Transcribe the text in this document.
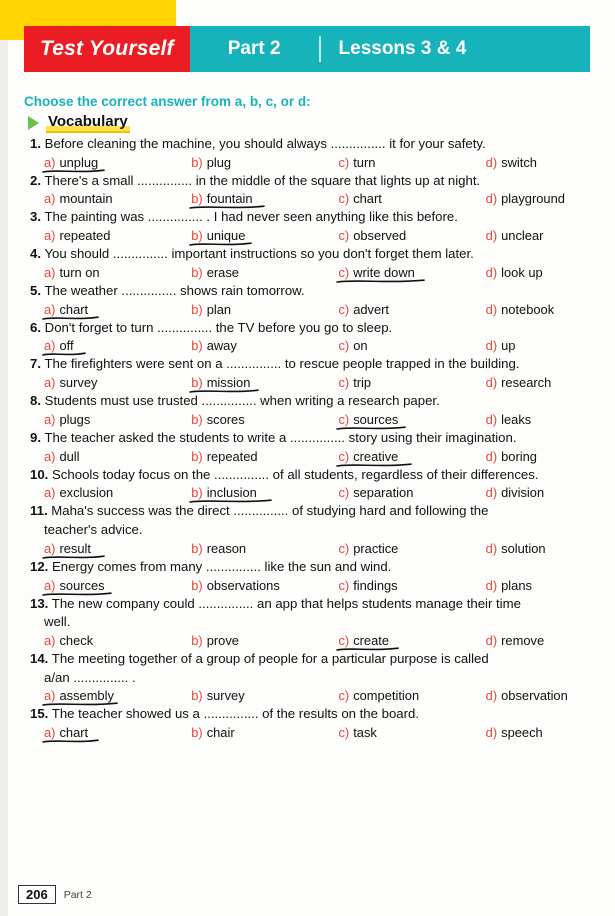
Test Yourself	Part 2	Lessons 3 & 4
Choose the correct answer from a, b, c, or d:
Vocabulary
1. Before cleaning the machine, you should always ............... it for your safety.
a) unplug	b) plug	c) turn	d) switch
2. There's a small ............... in the middle of the square that lights up at night.
a) mountain	b) fountain	c) chart	d) playground
3. The painting was ............... . I had never seen anything like this before.
a) repeated	b) unique	c) observed	d) unclear
4. You should ............... important instructions so you don't forget them later.
a) turn on	b) erase	c) write down	d) look up
5. The weather ............... shows rain tomorrow.
a) chart	b) plan	c) advert	d) notebook
6. Don't forget to turn ............... the TV before you go to sleep.
a) off	b) away	c) on	d) up
7. The firefighters were sent on a ............... to rescue people trapped in the building.
a) survey	b) mission	c) trip	d) research
8. Students must use trusted ............... when writing a research paper.
a) plugs	b) scores	c) sources	d) leaks
9. The teacher asked the students to write a ............... story using their imagination.
a) dull	b) repeated	c) creative	d) boring
10. Schools today focus on the ............... of all students, regardless of their differences.
a) exclusion	b) inclusion	c) separation	d) division
11. Maha's success was the direct ............... of studying hard and following the
teacher's advice.
a) result	b) reason	c) practice	d) solution
12. Energy comes from many ............... like the sun and wind.
a) sources	b) observations	c) findings	d) plans
13. The new company could ............... an app that helps students manage their time
well.
a) check	b) prove	c) create	d) remove
14. The meeting together of a group of people for a particular purpose is called
a/an ............... .
a) assembly	b) survey	c) competition	d) observation
15. The teacher showed us a ............... of the results on the board.
a) chart	b) chair	c) task	d) speech
206	Part 2
